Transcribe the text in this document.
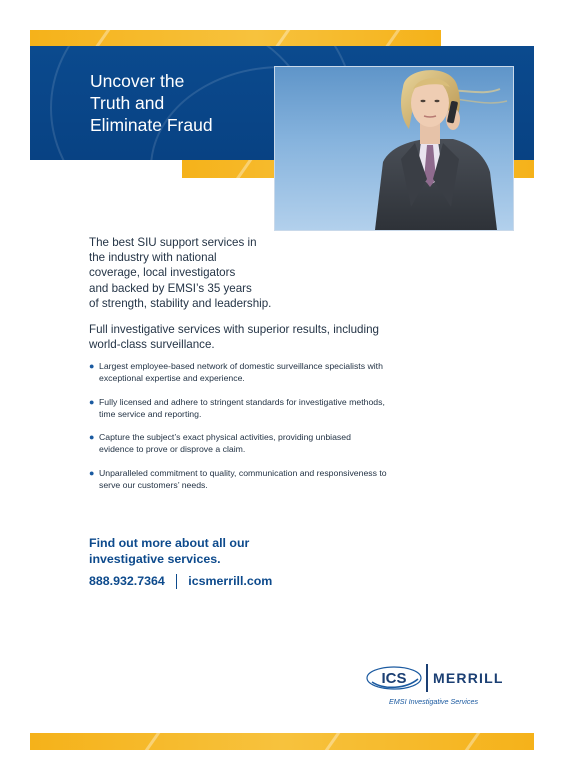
Uncover the
Truth and
Eliminate Fraud

The best SIU support services in
the industry with national
coverage, local investigators
and backed by EMSI’s 35 years
of strength, stability and leadership.

Full investigative services with superior results, including
world-class surveillance.

● Largest employee-based network of domestic surveillance specialists with
exceptional expertise and experience.
● Fully licensed and adhere to stringent standards for investigative methods,
time service and reporting.
● Capture the subject’s exact physical activities, providing unbiased
evidence to prove or disprove a claim.
● Unparalleled commitment to quality, communication and responsiveness to
serve our customers’ needs.

Find out more about all our
investigative services.

888.932.7364 icsmerrill.com
ICS MERRILL
EMSI Investigative Services
